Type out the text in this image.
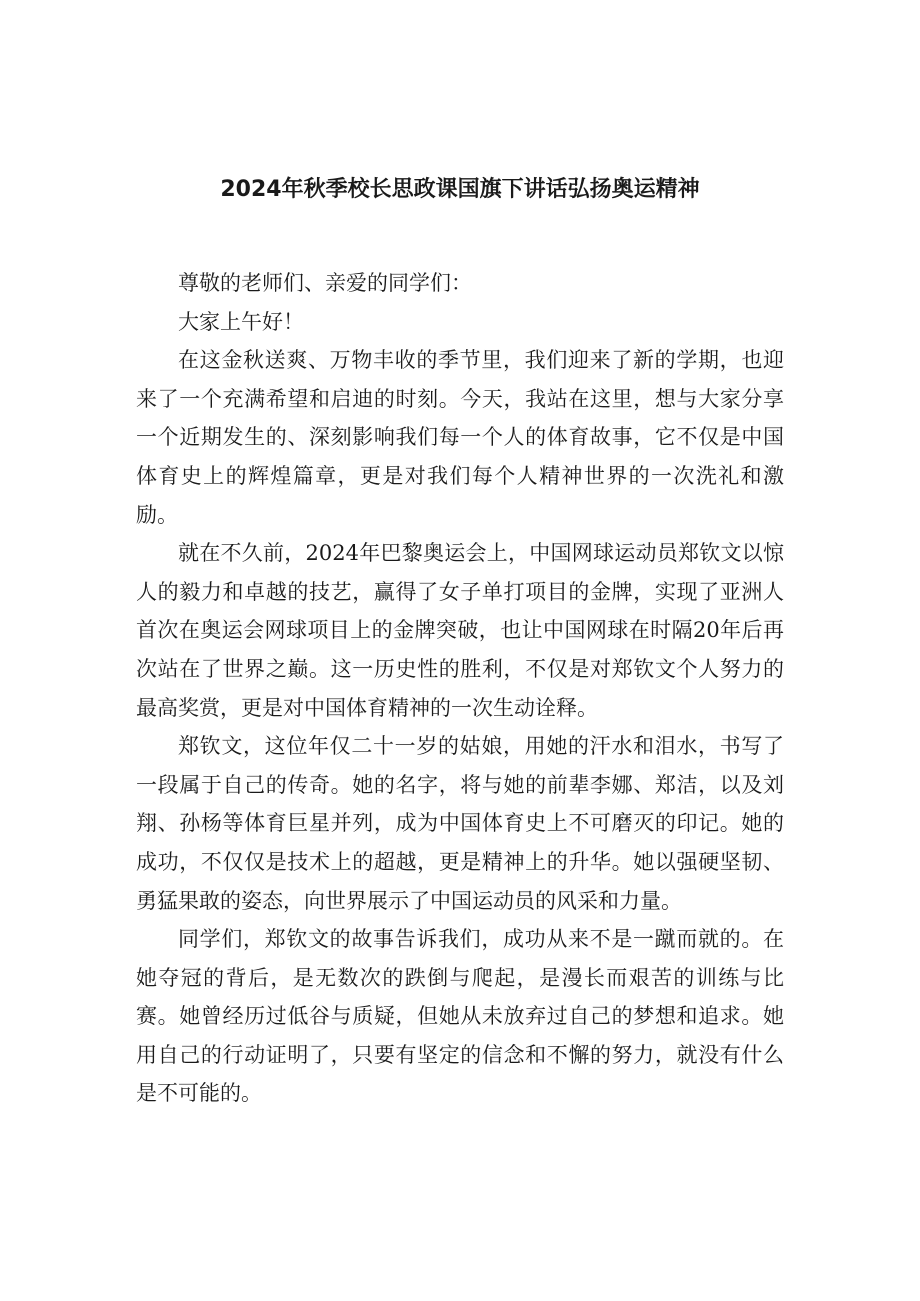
2024年秋季校长思政课国旗下讲话弘扬奥运精神

尊敬的老师们、亲爱的同学们：

大家上午好！

在这金秋送爽、万物丰收的季节里，我们迎来了新的学期，也迎来了一个充满希望和启迪的时刻。今天，我站在这里，想与大家分享一个近期发生的、深刻影响我们每一个人的体育故事，它不仅是中国体育史上的辉煌篇章，更是对我们每个人精神世界的一次洗礼和激励。

就在不久前，2024年巴黎奥运会上，中国网球运动员郑钦文以惊人的毅力和卓越的技艺，赢得了女子单打项目的金牌，实现了亚洲人首次在奥运会网球项目上的金牌突破，也让中国网球在时隔20年后再次站在了世界之巅。这一历史性的胜利，不仅是对郑钦文个人努力的最高奖赏，更是对中国体育精神的一次生动诠释。

郑钦文，这位年仅二十一岁的姑娘，用她的汗水和泪水，书写了一段属于自己的传奇。她的名字，将与她的前辈李娜、郑洁，以及刘翔、孙杨等体育巨星并列，成为中国体育史上不可磨灭的印记。她的成功，不仅仅是技术上的超越，更是精神上的升华。她以强硬坚韧、勇猛果敢的姿态，向世界展示了中国运动员的风采和力量。

同学们，郑钦文的故事告诉我们，成功从来不是一蹴而就的。在她夺冠的背后，是无数次的跌倒与爬起，是漫长而艰苦的训练与比赛。她曾经历过低谷与质疑，但她从未放弃过自己的梦想和追求。她用自己的行动证明了，只要有坚定的信念和不懈的努力，就没有什么是不可能的。
